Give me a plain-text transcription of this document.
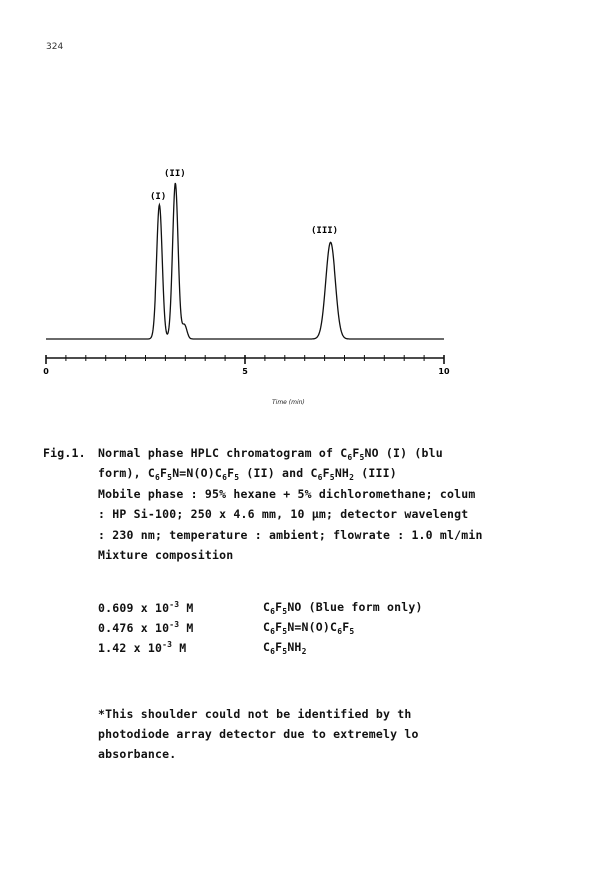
324
(I)
(II)
(III)
0	5	10
Time (min)
Fig.1. Normal phase HPLC chromatogram of $C_6F_5NO$ (I) (blu
form), $C_6F_5N=N(O)C_6F_5$ (II) and $C_6F_5NH_2$ (III)
Mobile phase : 95% hexane + 5% dichloromethane; colum
: HP Si-100; 250 x 4.6 mm, 10 µm; detector wavelengt
: 230 nm; temperature : ambient; flowrate : 1.0 ml/min
Mixture composition
0.609 x $10^{-3}$ M	$C_6F_5NO$ (Blue form only)
0.476 x $10^{-3}$ M	$C_6F_5N=N(O)C_6F_5$
1.42 x $10^{-3}$ M	$C_6F_5NH_2$
*This shoulder could not be identified by th
photodiode array detector due to extremely lo
absorbance.
